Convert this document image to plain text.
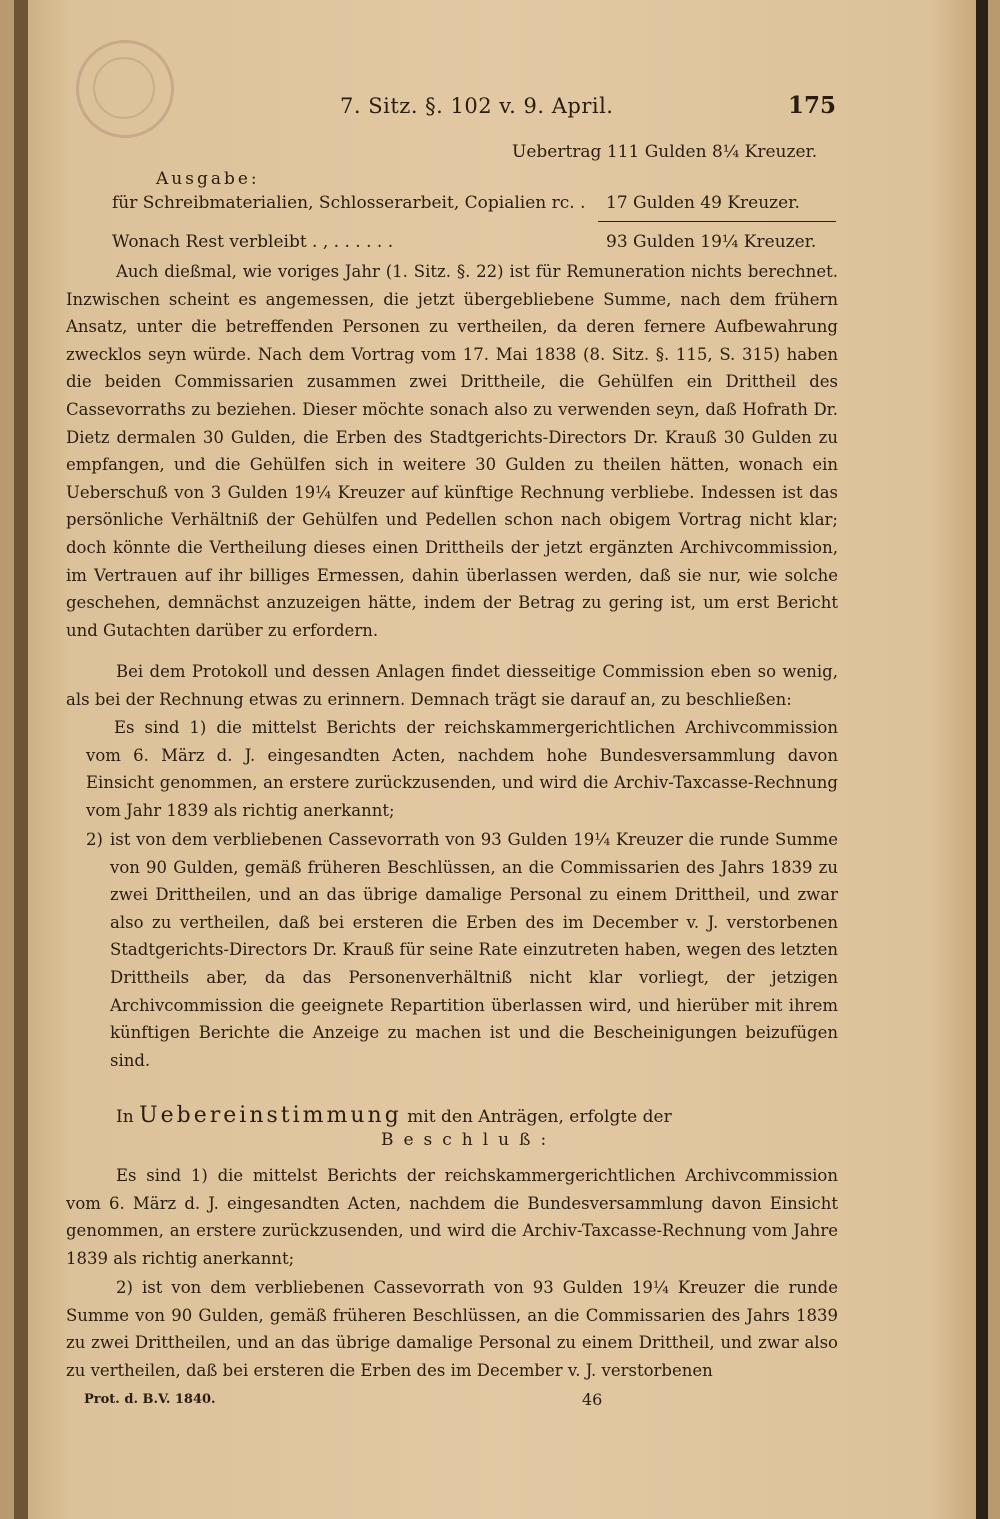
7. Sitz. §. 102 v. 9. April.	175
Uebertrag 111 Gulden 8¼ Kreuzer.
Ausgabe:
für Schreibmaterialien, Schlosserarbeit, Copialien rc. . 17 Gulden 49 Kreuzer.
Wonach Rest verbleibt . , . . . . . .	93 Gulden 19¼ Kreuzer.
Auch dießmal, wie voriges Jahr (1. Sitz. §. 22) ist für Remuneration nichts berechnet. Inzwischen scheint es angemessen, die jetzt übergebliebene Summe, nach dem frühern Ansatz, unter die betreffenden Personen zu vertheilen, da deren fernere Aufbewahrung zwecklos seyn würde. Nach dem Vortrag vom 17. Mai 1838 (8. Sitz. §. 115, S. 315) haben die beiden Commissarien zusammen zwei Drittheile, die Gehülfen ein Drittheil des Cassevorraths zu beziehen. Dieser möchte sonach also zu verwenden seyn, daß Hofrath Dr. Dietz dermalen 30 Gulden, die Erben des Stadtgerichts-Directors Dr. Krauß 30 Gulden zu empfangen, und die Gehülfen sich in weitere 30 Gulden zu theilen hätten, wonach ein Ueberschuß von 3 Gulden 19¼ Kreuzer auf künftige Rechnung verbliebe. Indessen ist das persönliche Verhältniß der Gehülfen und Pedellen schon nach obigem Vortrag nicht klar; doch könnte die Vertheilung dieses einen Drittheils der jetzt ergänzten Archivcommission, im Vertrauen auf ihr billiges Ermessen, dahin überlassen werden, daß sie nur, wie solche geschehen, demnächst anzuzeigen hätte, indem der Betrag zu gering ist, um erst Bericht und Gutachten darüber zu erfordern.
Bei dem Protokoll und dessen Anlagen findet diesseitige Commission eben so wenig, als bei der Rechnung etwas zu erinnern. Demnach trägt sie darauf an, zu beschließen:
Es sind 1) die mittelst Berichts der reichskammergerichtlichen Archivcommission vom 6. März d. J. eingesandten Acten, nachdem hohe Bundesversammlung davon Einsicht genommen, an erstere zurückzusenden, und wird die Archiv-Taxcasse-Rechnung vom Jahr 1839 als richtig anerkannt;
2) ist von dem verbliebenen Cassevorrath von 93 Gulden 19¼ Kreuzer die runde Summe von 90 Gulden, gemäß früheren Beschlüssen, an die Commissarien des Jahrs 1839 zu zwei Drittheilen, und an das übrige damalige Personal zu einem Drittheil, und zwar also zu vertheilen, daß bei ersteren die Erben des im December v. J. verstorbenen Stadtgerichts-Directors Dr. Krauß für seine Rate einzutreten haben, wegen des letzten Drittheils aber, da das Personenverhältniß nicht klar vorliegt, der jetzigen Archivcommission die geeignete Repartition überlassen wird, und hierüber mit ihrem künftigen Berichte die Anzeige zu machen ist und die Bescheinigungen beizufügen sind.
In Uebereinstimmung mit den Anträgen, erfolgte der
Beschluß:
Es sind 1) die mittelst Berichts der reichskammergerichtlichen Archivcommission vom 6. März d. J. eingesandten Acten, nachdem die Bundesversammlung davon Einsicht genommen, an erstere zurückzusenden, und wird die Archiv-Taxcasse-Rechnung vom Jahre 1839 als richtig anerkannt;
2) ist von dem verbliebenen Cassevorrath von 93 Gulden 19¼ Kreuzer die runde Summe von 90 Gulden, gemäß früheren Beschlüssen, an die Commissarien des Jahrs 1839 zu zwei Drittheilen, und an das übrige damalige Personal zu einem Drittheil, und zwar also zu vertheilen, daß bei ersteren die Erben des im December v. J. verstorbenen
Prot. d. B.V. 1840.	46
